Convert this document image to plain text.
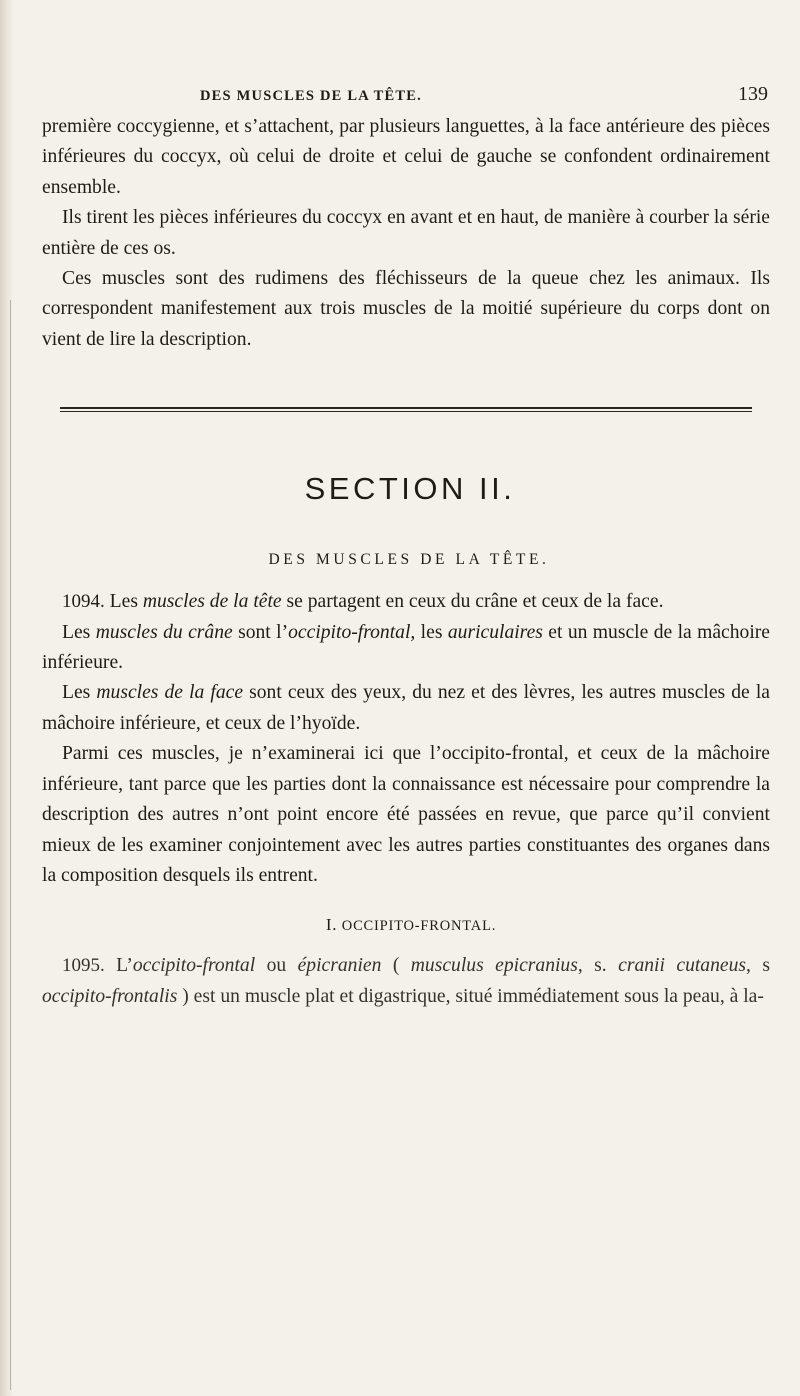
DES MUSCLES DE LA TÊTE.	139

première coccygienne, et s’attachent, par plusieurs languettes, à la face antérieure des pièces inférieures du coccyx, où celui de droite et celui de gauche se confondent ordinairement ensemble.

Ils tirent les pièces inférieures du coccyx en avant et en haut, de manière à courber la série entière de ces os.

Ces muscles sont des rudimens des fléchisseurs de la queue chez les animaux. Ils correspondent manifestement aux trois muscles de la moitié supérieure du corps dont on vient de lire la description.

SECTION II.
DES MUSCLES DE LA TÊTE.

1094. Les muscles de la tête se partagent en ceux du crâne et ceux de la face.

Les muscles du crâne sont l’occipito-frontal, les auriculaires et un muscle de la mâchoire inférieure.

Les muscles de la face sont ceux des yeux, du nez et des lèvres, les autres muscles de la mâchoire inférieure, et ceux de l’hyoïde.

Parmi ces muscles, je n’examinerai ici que l’occipito-frontal, et ceux de la mâchoire inférieure, tant parce que les parties dont la connaissance est nécessaire pour comprendre la description des autres n’ont point encore été passées en revue, que parce qu’il convient mieux de les examiner conjointement avec les autres parties constituantes des organes dans la composition desquels ils entrent.

I. OCCIPITO-FRONTAL.

1095. L’occipito-frontal ou épicranien ( musculus epicranius, s. cranii cutaneus, s occipito-frontalis ) est un muscle plat et digastrique, situé immédiatement sous la peau, à la-
